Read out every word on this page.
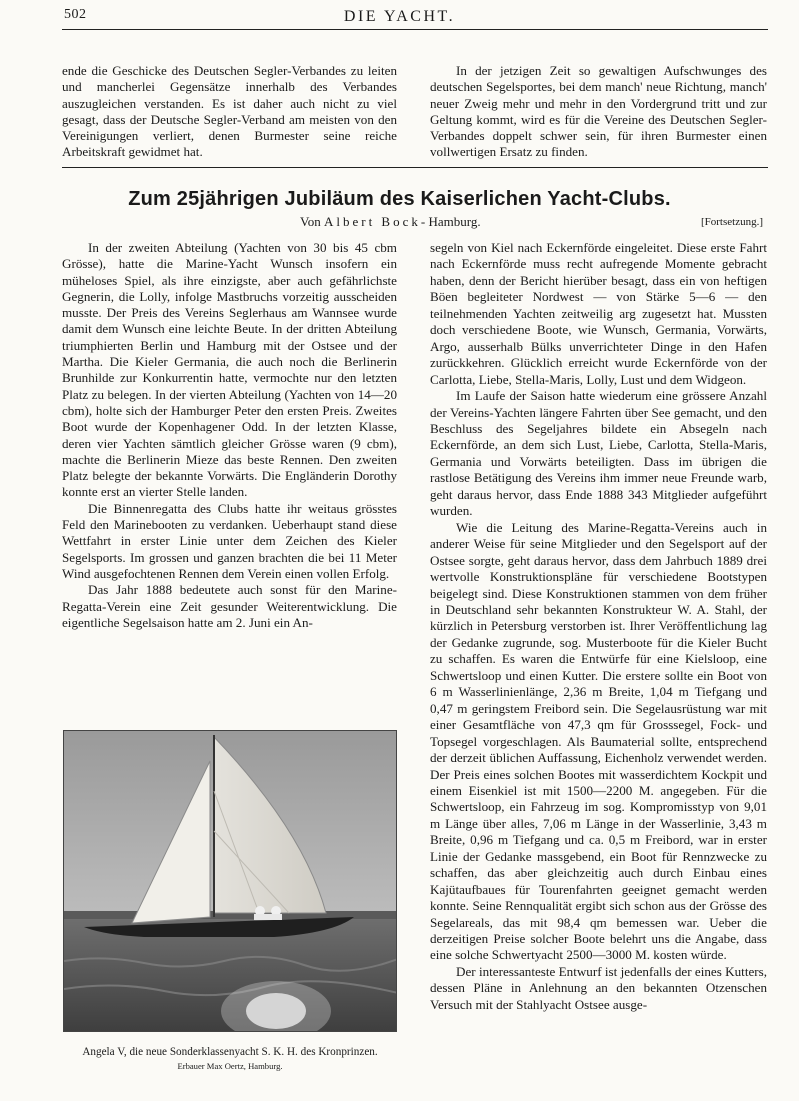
502	DIE YACHT.

ende die Geschicke des Deutschen Segler-Verbandes zu leiten und mancherlei Gegensätze innerhalb des Verbandes auszugleichen verstanden. Es ist daher auch nicht zu viel gesagt, dass der Deutsche Segler-Verband am meisten von den Vereinigungen verliert, denen Burmester seine reiche Arbeitskraft gewidmet hat.

In der jetzigen Zeit so gewaltigen Aufschwunges des deutschen Segelsportes, bei dem manch' neue Richtung, manch' neuer Zweig mehr und mehr in den Vordergrund tritt und zur Geltung kommt, wird es für die Vereine des Deutschen Segler-Verbandes doppelt schwer sein, für ihren Burmester einen vollwertigen Ersatz zu finden.

Zum 25jährigen Jubiläum des Kaiserlichen Yacht-Clubs.
Von Albert Bock- Hamburg.	[Fortsetzung.]

In der zweiten Abteilung (Yachten von 30 bis 45 cbm Grösse), hatte die Marine-Yacht Wunsch insofern ein müheloses Spiel, als ihre einzigste, aber auch gefährlichste Gegnerin, die Lolly, infolge Mastbruchs vorzeitig ausscheiden musste. Der Preis des Vereins Seglerhaus am Wannsee wurde damit dem Wunsch eine leichte Beute. In der dritten Abteilung triumphierten Berlin und Hamburg mit der Ostsee und der Martha. Die Kieler Germania, die auch noch die Berlinerin Brunhilde zur Konkurrentin hatte, vermochte nur den letzten Platz zu belegen. In der vierten Abteilung (Yachten von 14—20 cbm), holte sich der Hamburger Peter den ersten Preis. Zweites Boot wurde der Kopenhagener Odd. In der letzten Klasse, deren vier Yachten sämtlich gleicher Grösse waren (9 cbm), machte die Berlinerin Mieze das beste Rennen. Den zweiten Platz belegte der bekannte Vorwärts. Die Engländerin Dorothy konnte erst an vierter Stelle landen.

Die Binnenregatta des Clubs hatte ihr weitaus grösstes Feld den Marinebooten zu verdanken. Ueberhaupt stand diese Wettfahrt in erster Linie unter dem Zeichen des Kieler Segelsports. Im grossen und ganzen brachten die bei 11 Meter Wind ausgefochtenen Rennen dem Verein einen vollen Erfolg.

Das Jahr 1888 bedeutete auch sonst für den Marine-Regatta-Verein eine Zeit gesunder Weiterentwicklung. Die eigentliche Segelsaison hatte am 2. Juni ein An-

segeln von Kiel nach Eckernförde eingeleitet. Diese erste Fahrt nach Eckernförde muss recht aufregende Momente gebracht haben, denn der Bericht hierüber besagt, dass ein von heftigen Böen begleiteter Nordwest — von Stärke 5—6 — den teilnehmenden Yachten zeitweilig arg zugesetzt hat. Mussten doch verschiedene Boote, wie Wunsch, Germania, Vorwärts, Argo, ausserhalb Bülks unverrichteter Dinge in den Hafen zurückkehren. Glücklich erreicht wurde Eckernförde von der Carlotta, Liebe, Stella-Maris, Lolly, Lust und dem Widgeon.

Im Laufe der Saison hatte wiederum eine grössere Anzahl der Vereins-Yachten längere Fahrten über See gemacht, und den Beschluss des Segeljahres bildete ein Absegeln nach Eckernförde, an dem sich Lust, Liebe, Carlotta, Stella-Maris, Germania und Vorwärts beteiligten. Dass im übrigen die rastlose Betätigung des Vereins ihm immer neue Freunde warb, geht daraus hervor, dass Ende 1888 343 Mitglieder aufgeführt wurden.

Wie die Leitung des Marine-Regatta-Vereins auch in anderer Weise für seine Mitglieder und den Segelsport auf der Ostsee sorgte, geht daraus hervor, dass dem Jahrbuch 1889 drei wertvolle Konstruktionspläne für verschiedene Bootstypen beigelegt sind. Diese Konstruktionen stammen von dem früher in Deutschland sehr bekannten Konstrukteur W. A. Stahl, der kürzlich in Petersburg verstorben ist. Ihrer Veröffentlichung lag der Gedanke zugrunde, sog. Musterboote für die Kieler Bucht zu schaffen. Es waren die Entwürfe für eine Kielsloop, eine Schwertsloop und einen Kutter. Die erstere sollte ein Boot von 6 m Wasserlinienlänge, 2,36 m Breite, 1,04 m Tiefgang und 0,47 m geringstem Freibord sein. Die Segelausrüstung war mit einer Gesamtfläche von 47,3 qm für Grosssegel, Fock- und Topsegel vorgeschlagen. Als Baumaterial sollte, entsprechend der derzeit üblichen Auffassung, Eichenholz verwendet werden. Der Preis eines solchen Bootes mit wasserdichtem Kockpit und einem Eisenkiel ist mit 1500—2200 M. angegeben. Für die Schwertsloop, ein Fahrzeug im sog. Kompromisstyp von 9,01 m Länge über alles, 7,06 m Länge in der Wasserlinie, 3,43 m Breite, 0,96 m Tiefgang und ca. 0,5 m Freibord, war in erster Linie der Gedanke massgebend, ein Boot für Rennzwecke zu schaffen, das aber gleichzeitig auch durch Einbau eines Kajütaufbaues für Tourenfahrten geeignet gemacht werden konnte. Seine Rennqualität ergibt sich schon aus der Grösse des Segelareals, das mit 98,4 qm bemessen war. Ueber die derzeitigen Preise solcher Boote belehrt uns die Angabe, dass eine solche Schwertyacht 2500—3000 M. kosten würde.

Der interessanteste Entwurf ist jedenfalls der eines Kutters, dessen Pläne in Anlehnung an den bekannten Otzenschen Versuch mit der Stahlyacht Ostsee ausge-

Angela V, die neue Sonderklassenyacht S. K. H. des Kronprinzen.
Erbauer Max Oertz, Hamburg.
